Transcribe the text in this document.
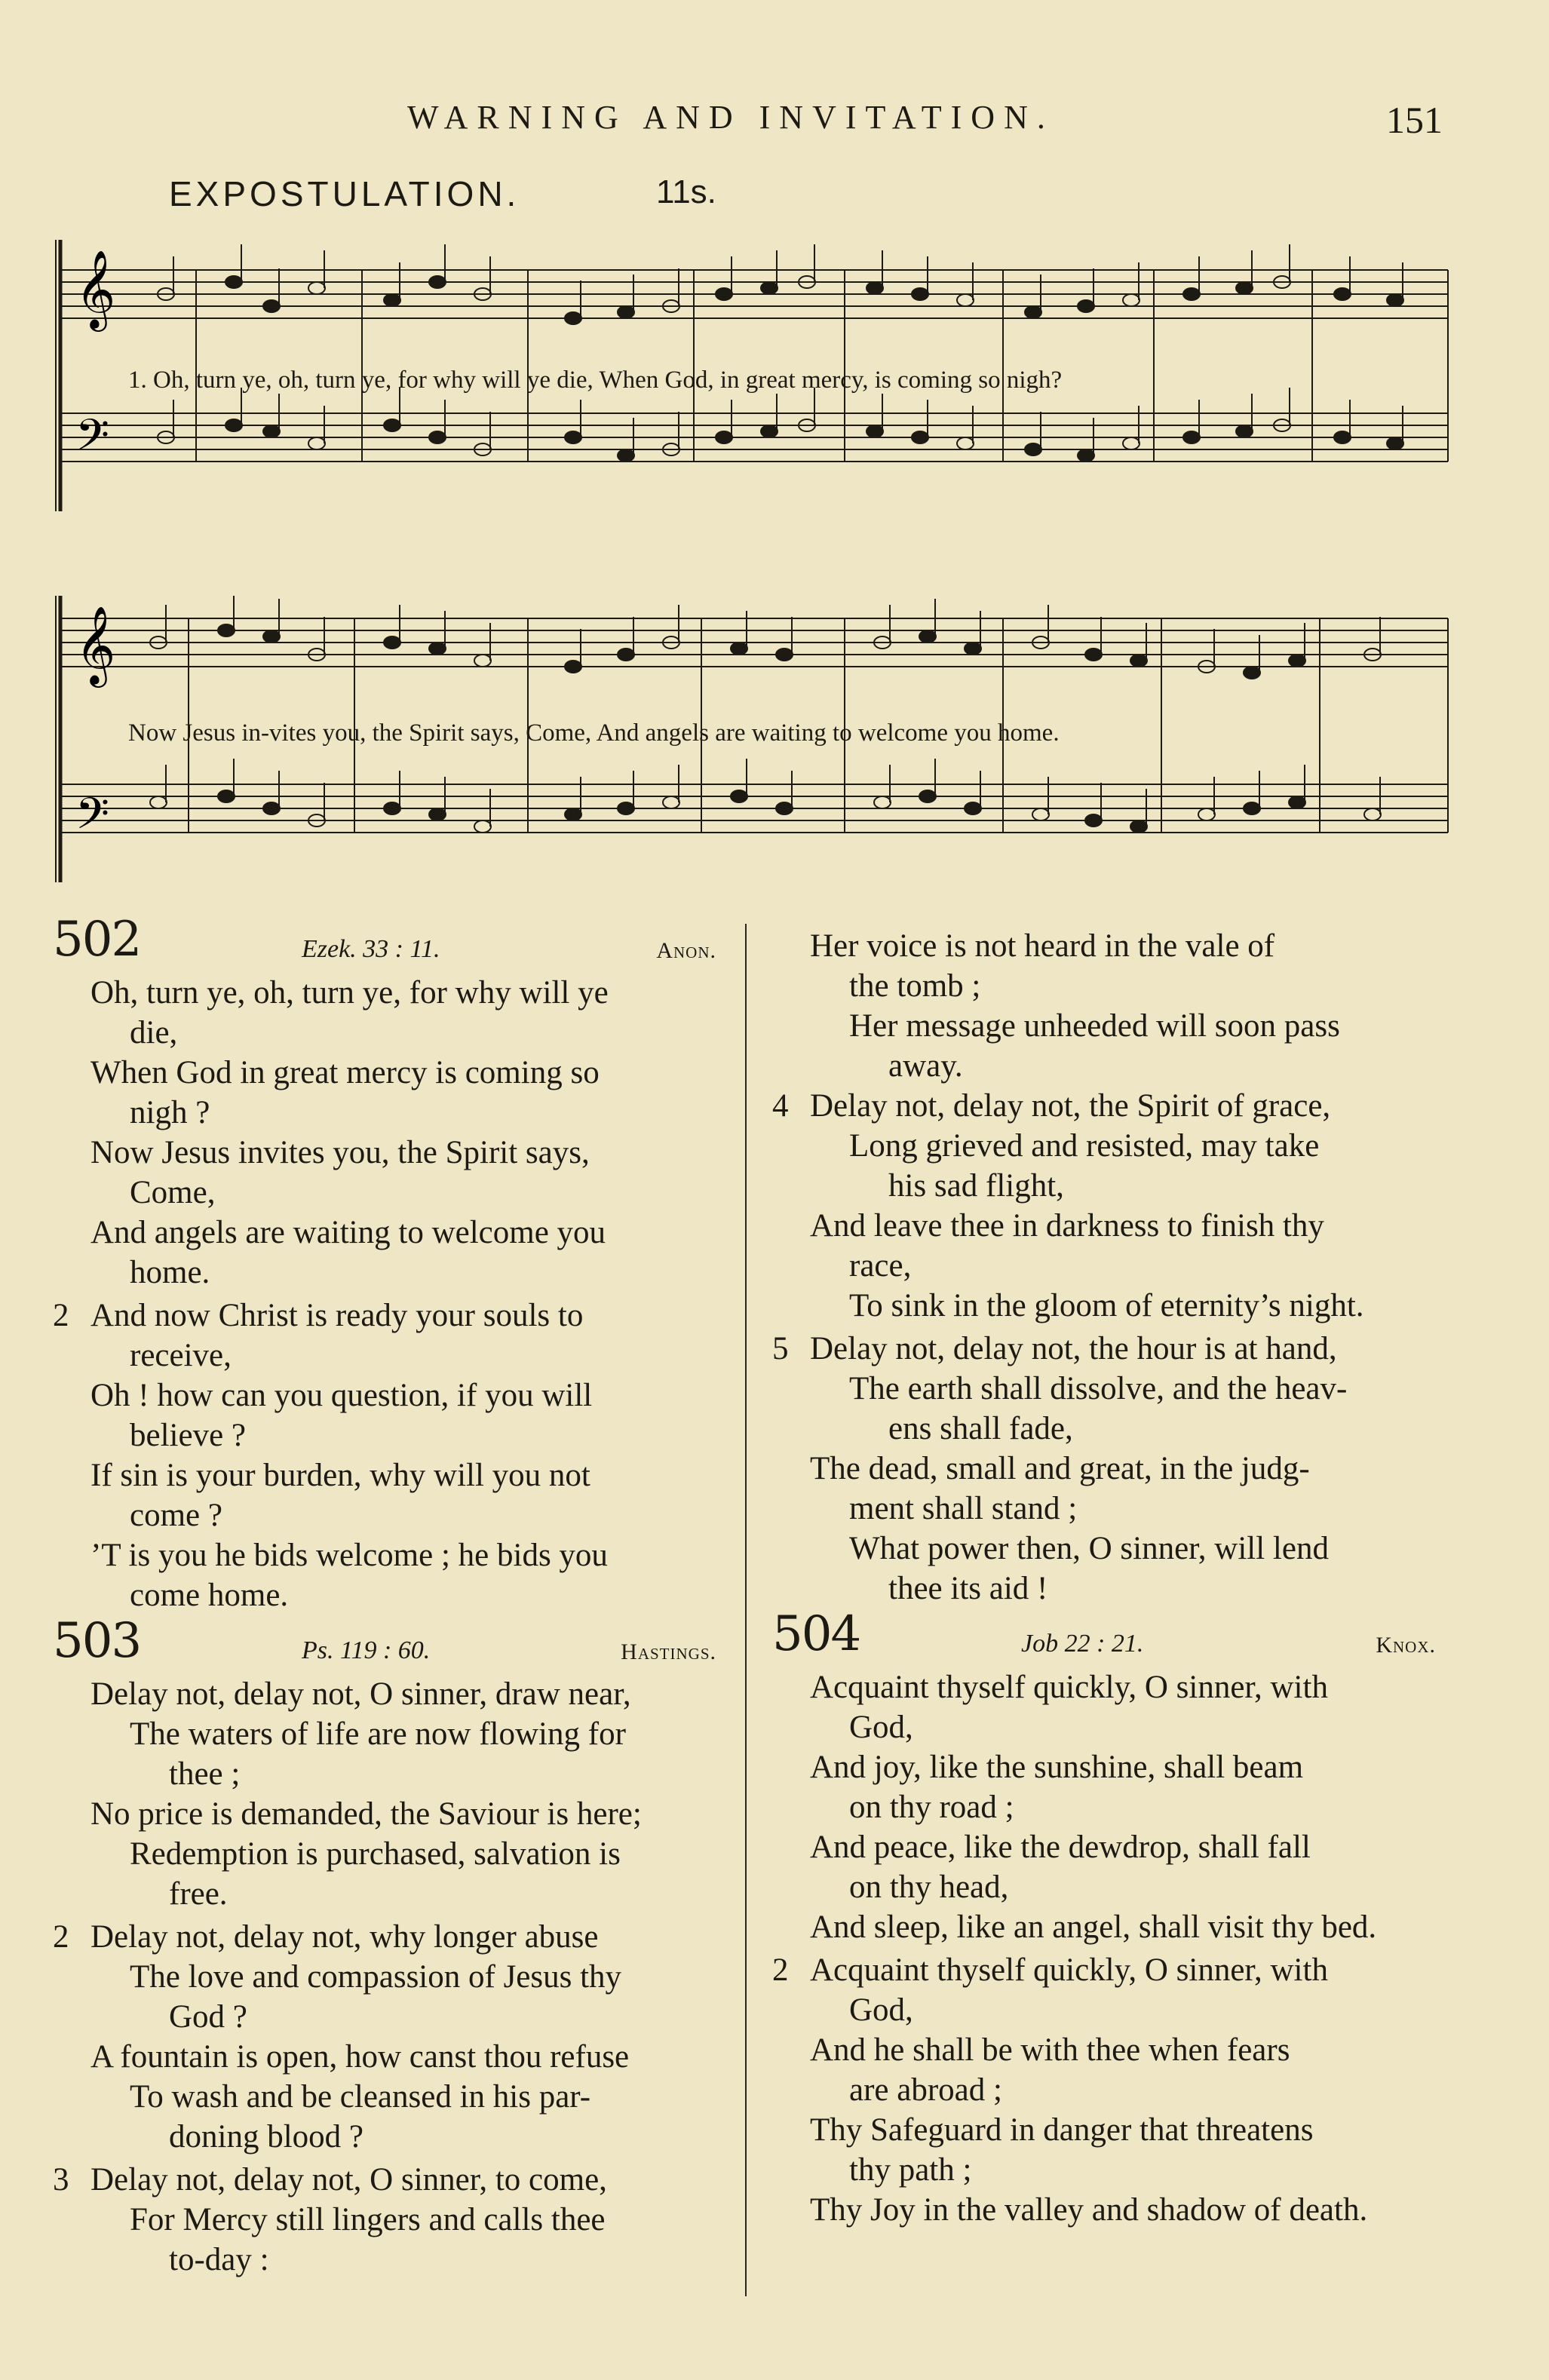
WARNING AND INVITATION.	151
EXPOSTULATION.	11s.
𝄞
𝄢
1. Oh, turn ye, oh, turn ye, for why will ye die, When God, in great mercy, is coming so nigh?
𝄞
𝄢
Now Jesus in-vites you, the Spirit says, Come, And angels are waiting to welcome you home.
502	Ezek. 33 : 11.	Anon.
Oh, turn ye, oh, turn ye, for why will ye
die,
When God in great mercy is coming so
nigh ?
Now Jesus invites you, the Spirit says,
Come,
And angels are waiting to welcome you
home.
2 And now Christ is ready your souls to
receive,
Oh ! how can you question, if you will
believe ?
If sin is your burden, why will you not
come ?
’T is you he bids welcome ; he bids you
come home.
503	Ps. 119 : 60.	Hastings.
Delay not, delay not, O sinner, draw near,
The waters of life are now flowing for
thee ;
No price is demanded, the Saviour is here;
Redemption is purchased, salvation is
free.
2 Delay not, delay not, why longer abuse
The love and compassion of Jesus thy
God ?
A fountain is open, how canst thou refuse
To wash and be cleansed in his par-
doning blood ?
3 Delay not, delay not, O sinner, to come,
For Mercy still lingers and calls thee
to-day :
Her voice is not heard in the vale of
the tomb ;
Her message unheeded will soon pass
away.
4 Delay not, delay not, the Spirit of grace,
Long grieved and resisted, may take
his sad flight,
And leave thee in darkness to finish thy
race,
To sink in the gloom of eternity’s night.
5 Delay not, delay not, the hour is at hand,
The earth shall dissolve, and the heav-
ens shall fade,
The dead, small and great, in the judg-
ment shall stand ;
What power then, O sinner, will lend
thee its aid !
504	Job 22 : 21.	Knox.
Acquaint thyself quickly, O sinner, with
God,
And joy, like the sunshine, shall beam
on thy road ;
And peace, like the dewdrop, shall fall
on thy head,
And sleep, like an angel, shall visit thy bed.
2 Acquaint thyself quickly, O sinner, with
God,
And he shall be with thee when fears
are abroad ;
Thy Safeguard in danger that threatens
thy path ;
Thy Joy in the valley and shadow of death.
